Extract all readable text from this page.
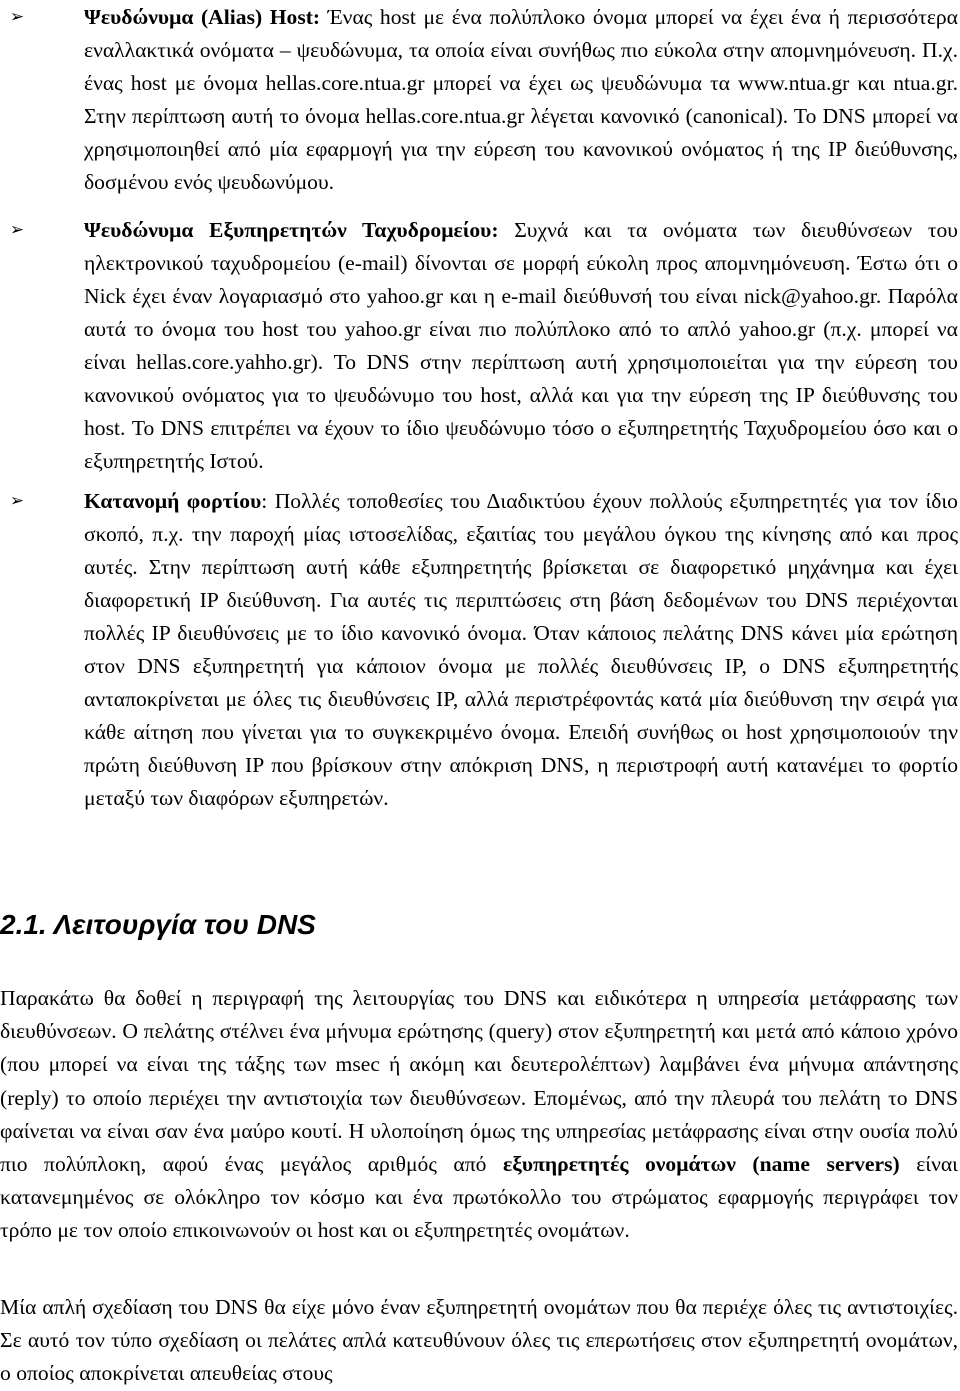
➢	Ψευδώνυμα (Alias) Host: Ένας host με ένα πολύπλοκο όνομα μπορεί να έχει ένα ή περισσότερα εναλλακτικά ονόματα – ψευδώνυμα, τα οποία είναι συνήθως πιο εύκολα στην απομνημόνευση. Π.χ. ένας host με όνομα hellas.core.ntua.gr μπορεί να έχει ως ψευδώνυμα τα www.ntua.gr και ntua.gr. Στην περίπτωση αυτή το όνομα hellas.core.ntua.gr λέγεται κανονικό (canonical). Το DNS μπορεί να χρησιμοποιηθεί από μία εφαρμογή για την εύρεση του κανονικού ονόματος ή της IP διεύθυνσης, δοσμένου ενός ψευδωνύμου.
➢	Ψευδώνυμα Εξυπηρετητών Ταχυδρομείου: Συχνά και τα ονόματα των διευθύνσεων του ηλεκτρονικού ταχυδρομείου (e-mail) δίνονται σε μορφή εύκολη προς απομνημόνευση. Έστω ότι ο Nick έχει έναν λογαριασμό στο yahoo.gr και η e-mail διεύθυνσή του είναι nick@yahoo.gr. Παρόλα αυτά το όνομα του host του yahoo.gr είναι πιο πολύπλοκο από το απλό yahoo.gr (π.χ. μπορεί να είναι hellas.core.yahho.gr). Το DNS στην περίπτωση αυτή χρησιμοποιείται για την εύρεση του κανονικού ονόματος για το ψευδώνυμο του host, αλλά και για την εύρεση της IP διεύθυνσης του host. Το DNS επιτρέπει να έχουν το ίδιο ψευδώνυμο τόσο ο εξυπηρετητής Ταχυδρομείου όσο και ο εξυπηρετητής Ιστού.
➢	Κατανομή φορτίου: Πολλές τοποθεσίες του Διαδικτύου έχουν πολλούς εξυπηρετητές για τον ίδιο σκοπό, π.χ. την παροχή μίας ιστοσελίδας, εξαιτίας του μεγάλου όγκου της κίνησης από και προς αυτές. Στην περίπτωση αυτή κάθε εξυπηρετητής βρίσκεται σε διαφορετικό μηχάνημα και έχει διαφορετική IP διεύθυνση. Για αυτές τις περιπτώσεις στη βάση δεδομένων του DNS περιέχονται πολλές IP διευθύνσεις με το ίδιο κανονικό όνομα. Όταν κάποιος πελάτης DNS κάνει μία ερώτηση στον DNS εξυπηρετητή για κάποιον όνομα με πολλές διευθύνσεις IP, ο DNS εξυπηρετητής ανταποκρίνεται με όλες τις διευθύνσεις IP, αλλά περιστρέφοντάς κατά μία διεύθυνση την σειρά για κάθε αίτηση που γίνεται για το συγκεκριμένο όνομα. Επειδή συνήθως οι host χρησιμοποιούν την πρώτη διεύθυνση IP που βρίσκουν στην απόκριση DNS, η περιστροφή αυτή κατανέμει το φορτίο μεταξύ των διαφόρων εξυπηρετών.
2.1. Λειτουργία του DNS

Παρακάτω θα δοθεί η περιγραφή της λειτουργίας του DNS και ειδικότερα η υπηρεσία μετάφρασης των διευθύνσεων. Ο πελάτης στέλνει ένα μήνυμα ερώτησης (query) στον εξυπηρετητή και μετά από κάποιο χρόνο (που μπορεί να είναι της τάξης των msec ή ακόμη και δευτερολέπτων) λαμβάνει ένα μήνυμα απάντησης (reply) το οποίο περιέχει την αντιστοιχία των διευθύνσεων. Επομένως, από την πλευρά του πελάτη το DNS φαίνεται να είναι σαν ένα μαύρο κουτί. Η υλοποίηση όμως της υπηρεσίας μετάφρασης είναι στην ουσία πολύ πιο πολύπλοκη, αφού ένας μεγάλος αριθμός από εξυπηρετητές ονομάτων (name servers) είναι κατανεμημένος σε ολόκληρο τον κόσμο και ένα πρωτόκολλο του στρώματος εφαρμογής περιγράφει τον τρόπο με τον οποίο επικοινωνούν οι host και οι εξυπηρετητές ονομάτων.

Μία απλή σχεδίαση του DNS θα είχε μόνο έναν εξυπηρετητή ονομάτων που θα περιέχε όλες τις αντιστοιχίες. Σε αυτό τον τύπο σχεδίαση οι πελάτες απλά κατευθύνουν όλες τις επερωτήσεις στον εξυπηρετητή ονομάτων, ο οποίος αποκρίνεται απευθείας στους
